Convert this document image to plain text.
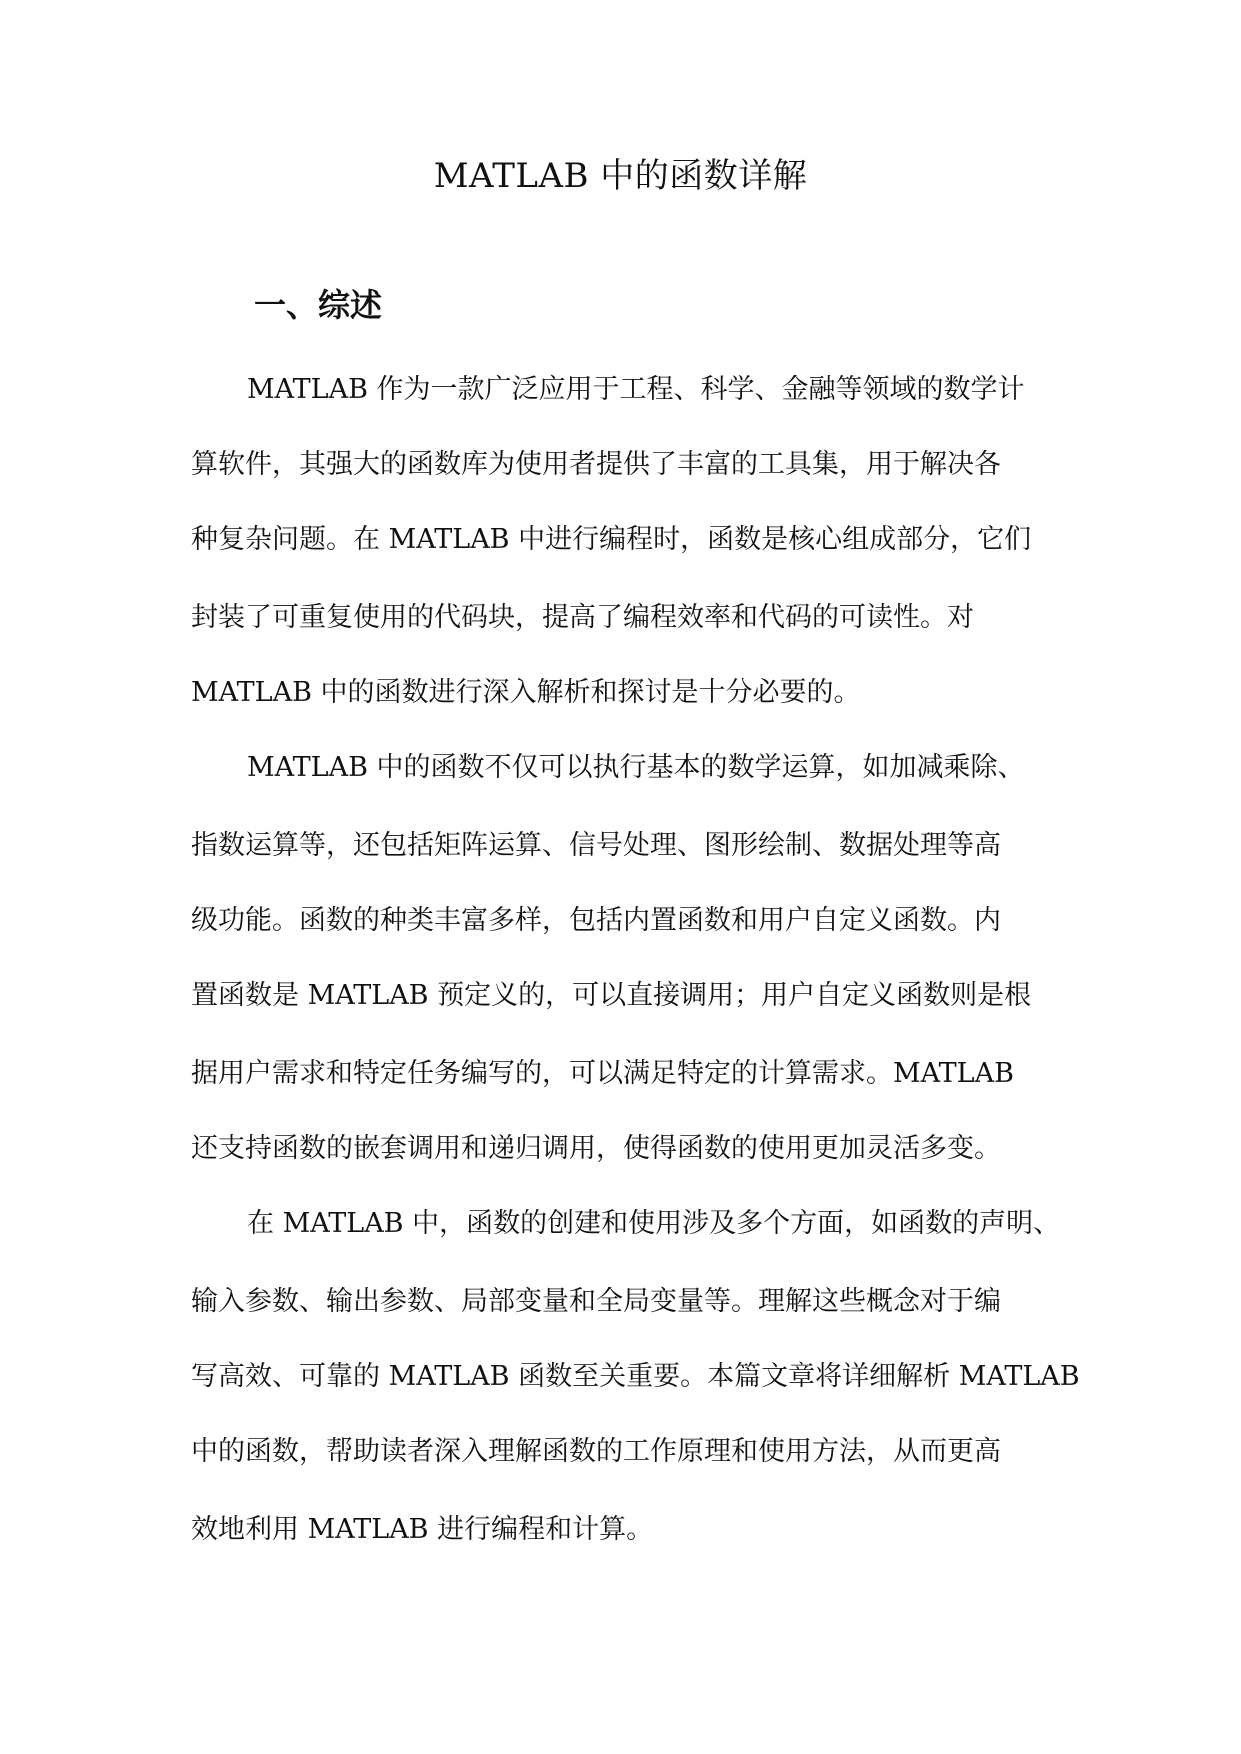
MATLAB 中的函数详解
一、综述

MATLAB 作为一款广泛应用于工程、科学、金融等领域的数学计

算软件，其强大的函数库为使用者提供了丰富的工具集，用于解决各

种复杂问题。在 MATLAB 中进行编程时，函数是核心组成部分，它们

封装了可重复使用的代码块，提高了编程效率和代码的可读性。对

MATLAB 中的函数进行深入解析和探讨是十分必要的。

MATLAB 中的函数不仅可以执行基本的数学运算，如加减乘除、

指数运算等，还包括矩阵运算、信号处理、图形绘制、数据处理等高

级功能。函数的种类丰富多样，包括内置函数和用户自定义函数。内

置函数是 MATLAB 预定义的，可以直接调用；用户自定义函数则是根

据用户需求和特定任务编写的，可以满足特定的计算需求。MATLAB

还支持函数的嵌套调用和递归调用，使得函数的使用更加灵活多变。

在 MATLAB 中，函数的创建和使用涉及多个方面，如函数的声明、

输入参数、输出参数、局部变量和全局变量等。理解这些概念对于编

写高效、可靠的 MATLAB 函数至关重要。本篇文章将详细解析 MATLAB

中的函数，帮助读者深入理解函数的工作原理和使用方法，从而更高

效地利用 MATLAB 进行编程和计算。
